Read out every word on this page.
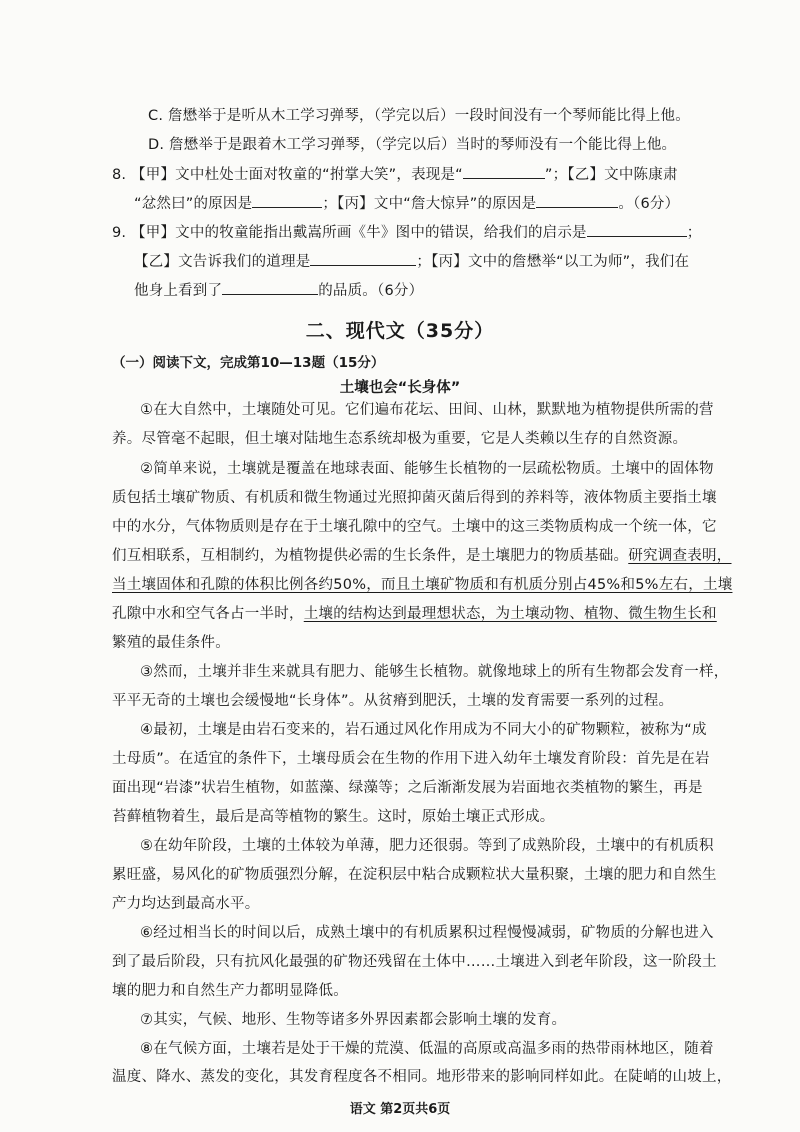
C. 詹懋举于是听从木工学习弹琴，（学完以后）一段时间没有一个琴师能比得上他。
D. 詹懋举于是跟着木工学习弹琴，（学完以后）当时的琴师没有一个能比得上他。
8. 【甲】文中杜处士面对牧童的“拊掌大笑”，表现是“	”；【乙】文中陈康肃
“忿然曰”的原因是	；【丙】文中“詹大惊异”的原因是	。（6分）
9. 【甲】文中的牧童能指出戴嵩所画《牛》图中的错误，给我们的启示是	；
【乙】文告诉我们的道理是	；【丙】文中的詹懋举“以工为师”，我们在
他身上看到了	的品质。（6分）
二、现代文（35分）
（一）阅读下文，完成第10—13题（15分）
土壤也会“长身体”
①在大自然中，土壤随处可见。它们遍布花坛、田间、山林，默默地为植物提供所需的营
养。尽管毫不起眼，但土壤对陆地生态系统却极为重要，它是人类赖以生存的自然资源。
②简单来说，土壤就是覆盖在地球表面、能够生长植物的一层疏松物质。土壤中的固体物
质包括土壤矿物质、有机质和微生物通过光照抑菌灭菌后得到的养料等，液体物质主要指土壤
中的水分，气体物质则是存在于土壤孔隙中的空气。土壤中的这三类物质构成一个统一体，它
们互相联系，互相制约，为植物提供必需的生长条件，是土壤肥力的物质基础。研究调查表明，
当土壤固体和孔隙的体积比例各约50%，而且土壤矿物质和有机质分别占45%和5%左右，土壤
孔隙中水和空气各占一半时，土壤的结构达到最理想状态，为土壤动物、植物、微生物生长和
繁殖的最佳条件。
③然而，土壤并非生来就具有肥力、能够生长植物。就像地球上的所有生物都会发育一样，
平平无奇的土壤也会缓慢地“长身体”。从贫瘠到肥沃，土壤的发育需要一系列的过程。
④最初，土壤是由岩石变来的，岩石通过风化作用成为不同大小的矿物颗粒，被称为“成
土母质”。在适宜的条件下，土壤母质会在生物的作用下进入幼年土壤发育阶段：首先是在岩
面出现“岩漆”状岩生植物，如蓝藻、绿藻等；之后渐渐发展为岩面地衣类植物的繁生，再是
苔藓植物着生，最后是高等植物的繁生。这时，原始土壤正式形成。
⑤在幼年阶段，土壤的土体较为单薄，肥力还很弱。等到了成熟阶段，土壤中的有机质积
累旺盛，易风化的矿物质强烈分解，在淀积层中粘合成颗粒状大量积聚，土壤的肥力和自然生
产力均达到最高水平。
⑥经过相当长的时间以后，成熟土壤中的有机质累积过程慢慢减弱，矿物质的分解也进入
到了最后阶段，只有抗风化最强的矿物还残留在土体中……土壤进入到老年阶段，这一阶段土
壤的肥力和自然生产力都明显降低。
⑦其实，气候、地形、生物等诸多外界因素都会影响土壤的发育。
⑧在气候方面，土壤若是处于干燥的荒漠、低温的高原或高温多雨的热带雨林地区，随着
温度、降水、蒸发的变化，其发育程度各不相同。地形带来的影响同样如此。在陡峭的山坡上，
语文 第2页共6页
